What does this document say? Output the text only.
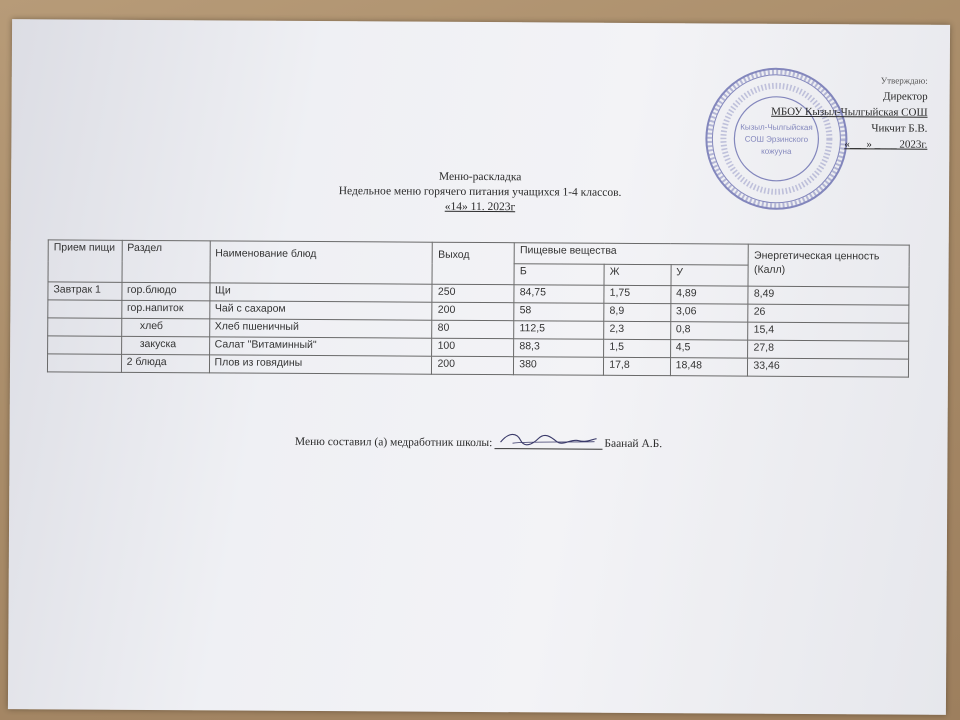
Кызыл-Чылгыйская
СОШ Эрзинского
кожууна
Утверждаю:
Директор
МБОУ Кызыл-Чылгыйская СОШ
Чикчит Б.В.
«___» ____ 2023г.
Меню-раскладка
Недельное меню горячего питания учащихся 1-4 классов.
«14» 11. 2023г
Прием пищи	Раздел	Наименование блюд	Выход	Пищевые вещества			Энергетическая ценность (Калл)
				Б	Ж	У	
Завтрак 1	гор.блюдо	Щи	250	84,75	1,75	4,89	8,49
	гор.напиток	Чай с сахаром	200	58	8,9	3,06	26
	хлеб	Хлеб пшеничный	80	112,5	2,3	0,8	15,4
	закуска	Салат "Витаминный"	100	88,3	1,5	4,5	27,8
	2 блюда	Плов из говядины	200	380	17,8	18,48	33,46
Меню составил (а) медработник школы:	Баанай А.Б.
